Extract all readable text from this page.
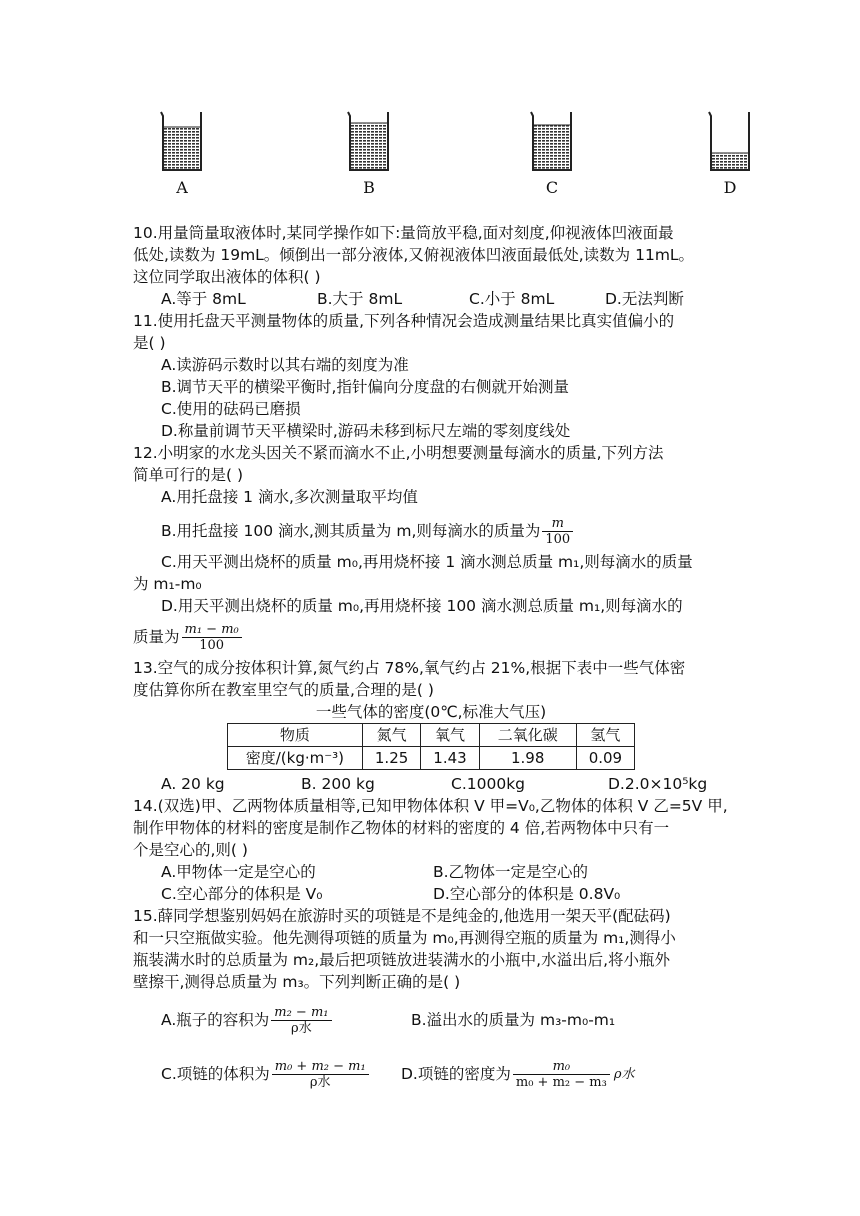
A	B	C	D
10.用量筒量取液体时,某同学操作如下:量筒放平稳,面对刻度,仰视液体凹液面最
低处,读数为 19mL。倾倒出一部分液体,又俯视液体凹液面最低处,读数为 11mL。
这位同学取出液体的体积( )
A.等于 8mL	B.大于 8mL	C.小于 8mL	D.无法判断
11.使用托盘天平测量物体的质量,下列各种情况会造成测量结果比真实值偏小的
是( )
A.读游码示数时以其右端的刻度为准
B.调节天平的横梁平衡时,指针偏向分度盘的右侧就开始测量
C.使用的砝码已磨损
D.称量前调节天平横梁时,游码未移到标尺左端的零刻度线处
12.小明家的水龙头因关不紧而滴水不止,小明想要测量每滴水的质量,下列方法
简单可行的是( )
A.用托盘接 1 滴水,多次测量取平均值
B.用托盘接 100 滴水,测其质量为 m,则每滴水的质量为 $\frac{m}{100}$
C.用天平测出烧杯的质量 m₀,再用烧杯接 1 滴水测总质量 m₁,则每滴水的质量
为 m₁-m₀
D.用天平测出烧杯的质量 m₀,再用烧杯接 100 滴水测总质量 m₁,则每滴水的
质量为 $\frac{\text{m₁ − m₀}}{100}$
13.空气的成分按体积计算,氮气约占 78%,氧气约占 21%,根据下表中一些气体密
度估算你所在教室里空气的质量,合理的是( )
一些气体的密度(0℃,标准大气压)
物质	氮气	氧气	二氧化碳	氢气
密度/(kg·m⁻³)	1.25	1.43	1.98	0.09
A. 20 kg	B. 200 kg	C.1000kg	D.2.0×10⁵kg
14.(双选)甲、乙两物体质量相等,已知甲物体体积 V 甲=V₀,乙物体的体积 V 乙=5V 甲,
制作甲物体的材料的密度是制作乙物体的材料的密度的 4 倍,若两物体中只有一
个是空心的,则( )
A.甲物体一定是空心的	B.乙物体一定是空心的
C.空心部分的体积是 V₀	D.空心部分的体积是 0.8V₀
15.薛同学想鉴别妈妈在旅游时买的项链是不是纯金的,他选用一架天平(配砝码)
和一只空瓶做实验。他先测得项链的质量为 m₀,再测得空瓶的质量为 m₁,测得小
瓶装满水时的总质量为 m₂,最后把项链放进装满水的小瓶中,水溢出后,将小瓶外
壁擦干,测得总质量为 m₃。下列判断正确的是( )
A.瓶子的容积为 $\frac{\text{m₂ − m₁}}{\text{ρ水}}$	B.溢出水的质量为 m₃-m₀-m₁
C.项链的体积为 $\frac{\text{m₀ + m₂ − m₁}}{\text{ρ水}} D$.项链的密度为 $\frac{\text{m₀}}{\text{m₀ + m₂ − m₃}}$ ρ水
